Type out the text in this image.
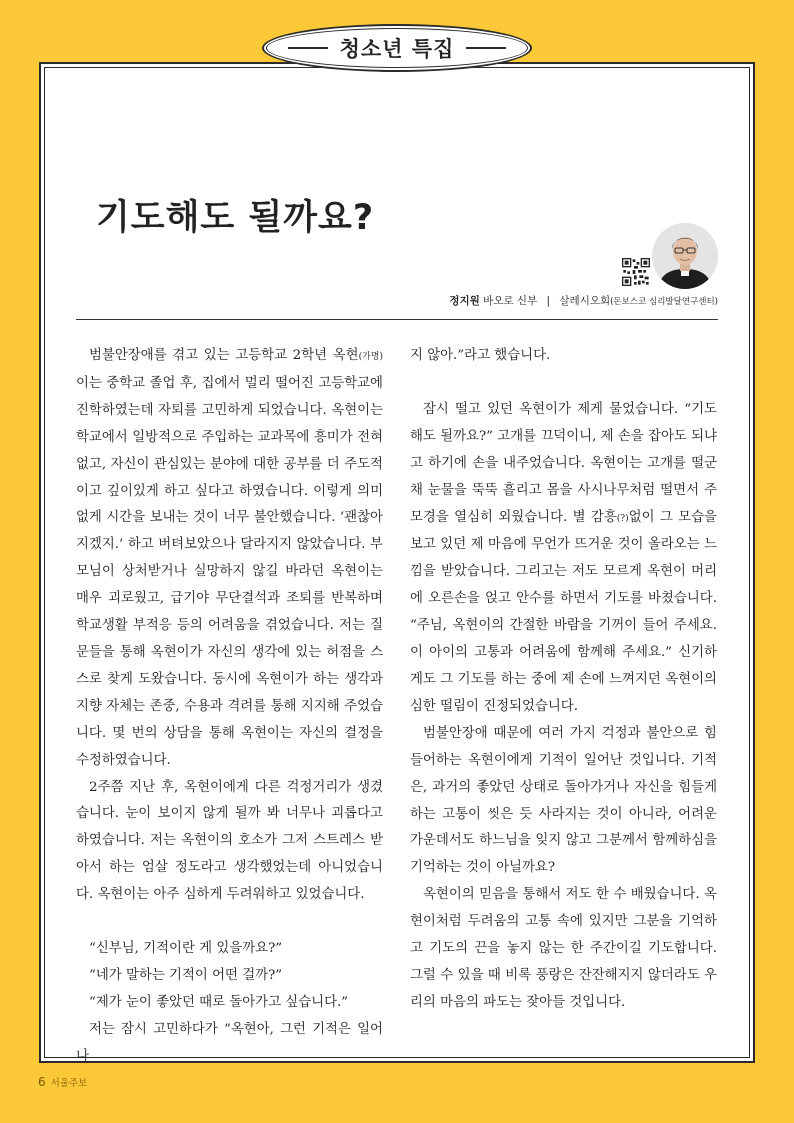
청소년 특집
기도해도 될까요?
정지원 바오로 신부 | 살레시오회(돈보스코 심리발달연구센터)

범불안장애를 겪고 있는 고등학교 2학년 옥현(가명) 이는 중학교 졸업 후, 집에서 멀리 떨어진 고등학교에 진학하였는데 자퇴를 고민하게 되었습니다. 옥현이는 학교에서 일방적으로 주입하는 교과목에 흥미가 전혀 없고, 자신이 관심있는 분야에 대한 공부를 더 주도적이고 깊이있게 하고 싶다고 하였습니다. 이렇게 의미 없게 시간을 보내는 것이 너무 불안했습니다. ‘괜찮아지겠지.’ 하고 버텨보았으나 달라지지 않았습니다. 부모님이 상처받거나 실망하지 않길 바라던 옥현이는 매우 괴로웠고, 급기야 무단결석과 조퇴를 반복하며 학교생활 부적응 등의 어려움을 겪었습니다. 저는 질문들을 통해 옥현이가 자신의 생각에 있는 허점을 스스로 찾게 도왔습니다. 동시에 옥현이가 하는 생각과 지향 자체는 존중, 수용과 격려를 통해 지지해 주었습니다. 몇 번의 상담을 통해 옥현이는 자신의 결정을 수정하였습니다.

2주쯤 지난 후, 옥현이에게 다른 걱정거리가 생겼습니다. 눈이 보이지 않게 될까 봐 너무나 괴롭다고 하였습니다. 저는 옥현이의 호소가 그저 스트레스 받아서 하는 엄살 정도라고 생각했었는데 아니었습니다. 옥현이는 아주 심하게 두려워하고 있었습니다.

“신부님, 기적이란 게 있을까요?”

“네가 말하는 기적이 어떤 걸까?”

“제가 눈이 좋았던 때로 돌아가고 싶습니다.”

저는 잠시 고민하다가 “옥현아, 그런 기적은 일어나

지 않아.”라고 했습니다.

잠시 떨고 있던 옥현이가 제게 물었습니다. “기도해도 될까요?” 고개를 끄덕이니, 제 손을 잡아도 되냐고 하기에 손을 내주었습니다. 옥현이는 고개를 떨군 채 눈물을 뚝뚝 흘리고 몸을 사시나무처럼 떨면서 주모경을 열심히 외웠습니다. 별 감흥(?)없이 그 모습을 보고 있던 제 마음에 무언가 뜨거운 것이 올라오는 느낌을 받았습니다. 그리고는 저도 모르게 옥현이 머리에 오른손을 얹고 안수를 하면서 기도를 바쳤습니다. “주님, 옥현이의 간절한 바람을 기꺼이 들어 주세요. 이 아이의 고통과 어려움에 함께해 주세요.” 신기하게도 그 기도를 하는 중에 제 손에 느껴지던 옥현이의 심한 떨림이 진정되었습니다.

범불안장애 때문에 여러 가지 걱정과 불안으로 힘들어하는 옥현이에게 기적이 일어난 것입니다. 기적은, 과거의 좋았던 상태로 돌아가거나 자신을 힘들게 하는 고통이 씻은 듯 사라지는 것이 아니라, 어려운 가운데서도 하느님을 잊지 않고 그분께서 함께하심을 기억하는 것이 아닐까요?

옥현이의 믿음을 통해서 저도 한 수 배웠습니다. 옥현이처럼 두려움의 고통 속에 있지만 그분을 기억하고 기도의 끈을 놓지 않는 한 주간이길 기도합니다. 그럴 수 있을 때 비록 풍랑은 잔잔해지지 않더라도 우리의 마음의 파도는 잦아들 것입니다.

6 서울주보
